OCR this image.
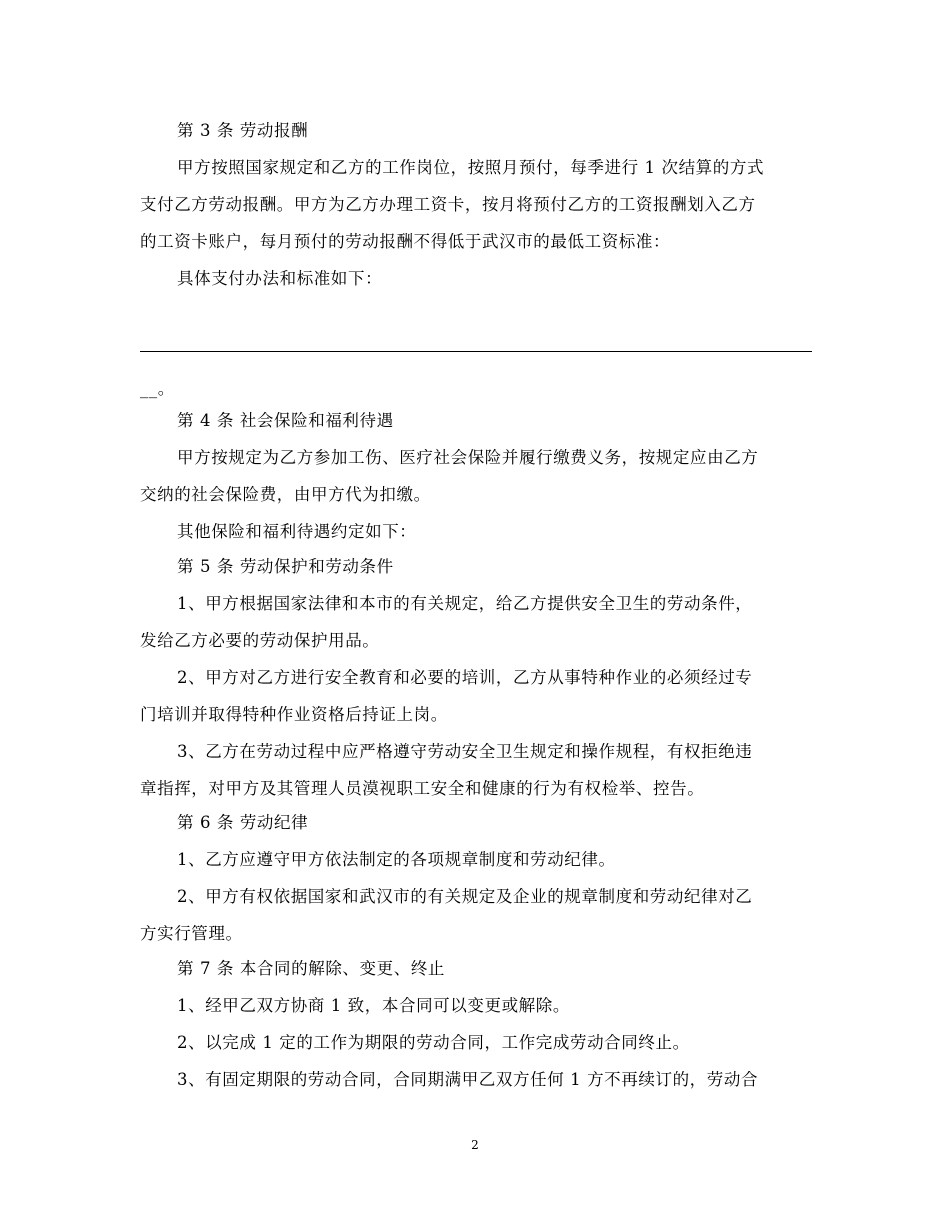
第 3 条 劳动报酬
甲方按照国家规定和乙方的工作岗位，按照月预付，每季进行 1 次结算的方式
支付乙方劳动报酬。甲方为乙方办理工资卡，按月将预付乙方的工资报酬划入乙方
的工资卡账户，每月预付的劳动报酬不得低于武汉市的最低工资标准：
具体支付办法和标准如下：
__。
第 4 条 社会保险和福利待遇
甲方按规定为乙方参加工伤、医疗社会保险并履行缴费义务，按规定应由乙方
交纳的社会保险费，由甲方代为扣缴。
其他保险和福利待遇约定如下：
第 5 条 劳动保护和劳动条件
1、甲方根据国家法律和本市的有关规定，给乙方提供安全卫生的劳动条件，
发给乙方必要的劳动保护用品。
2、甲方对乙方进行安全教育和必要的培训，乙方从事特种作业的必须经过专
门培训并取得特种作业资格后持证上岗。
3、乙方在劳动过程中应严格遵守劳动安全卫生规定和操作规程，有权拒绝违
章指挥，对甲方及其管理人员漠视职工安全和健康的行为有权检举、控告。
第 6 条 劳动纪律
1、乙方应遵守甲方依法制定的各项规章制度和劳动纪律。
2、甲方有权依据国家和武汉市的有关规定及企业的规章制度和劳动纪律对乙
方实行管理。
第 7 条 本合同的解除、变更、终止
1、经甲乙双方协商 1 致，本合同可以变更或解除。
2、以完成 1 定的工作为期限的劳动合同，工作完成劳动合同终止。
3、有固定期限的劳动合同，合同期满甲乙双方任何 1 方不再续订的，劳动合
2
